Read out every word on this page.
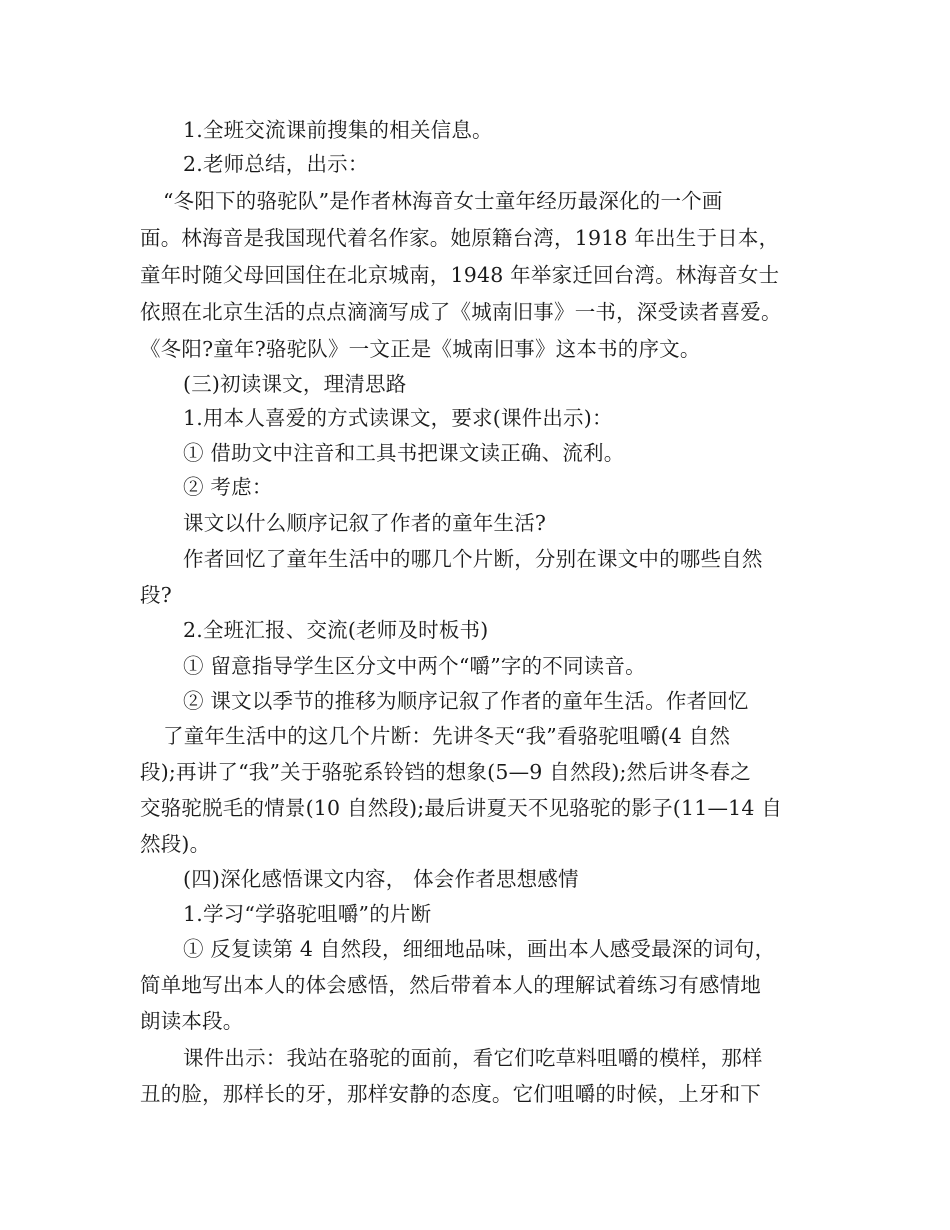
1.全班交流课前搜集的相关信息。
2.老师总结，出示：
“冬阳下的骆驼队”是作者林海音女士童年经历最深化的一个画
面。林海音是我国现代着名作家。她原籍台湾，1918 年出生于日本，
童年时随父母回国住在北京城南，1948 年举家迁回台湾。林海音女士
依照在北京生活的点点滴滴写成了《城南旧事》一书，深受读者喜爱。
《冬阳?童年?骆驼队》一文正是《城南旧事》这本书的序文。
(三)初读课文，理清思路
1.用本人喜爱的方式读课文，要求(课件出示)：
① 借助文中注音和工具书把课文读正确、流利。
② 考虑：
课文以什么顺序记叙了作者的童年生活?
作者回忆了童年生活中的哪几个片断，分别在课文中的哪些自然
段?
2.全班汇报、交流(老师及时板书)
① 留意指导学生区分文中两个“嚼”字的不同读音。
② 课文以季节的推移为顺序记叙了作者的童年生活。作者回忆
了童年生活中的这几个片断：先讲冬天“我”看骆驼咀嚼(4 自然
段);再讲了“我”关于骆驼系铃铛的想象(5—9 自然段);然后讲冬春之
交骆驼脱毛的情景(10 自然段);最后讲夏天不见骆驼的影子(11—14 自
然段)。
(四)深化感悟课文内容， 体会作者思想感情
1.学习“学骆驼咀嚼”的片断
① 反复读第 4 自然段，细细地品味，画出本人感受最深的词句，
简单地写出本人的体会感悟，然后带着本人的理解试着练习有感情地
朗读本段。
课件出示：我站在骆驼的面前，看它们吃草料咀嚼的模样，那样
丑的脸，那样长的牙，那样安静的态度。它们咀嚼的时候，上牙和下
